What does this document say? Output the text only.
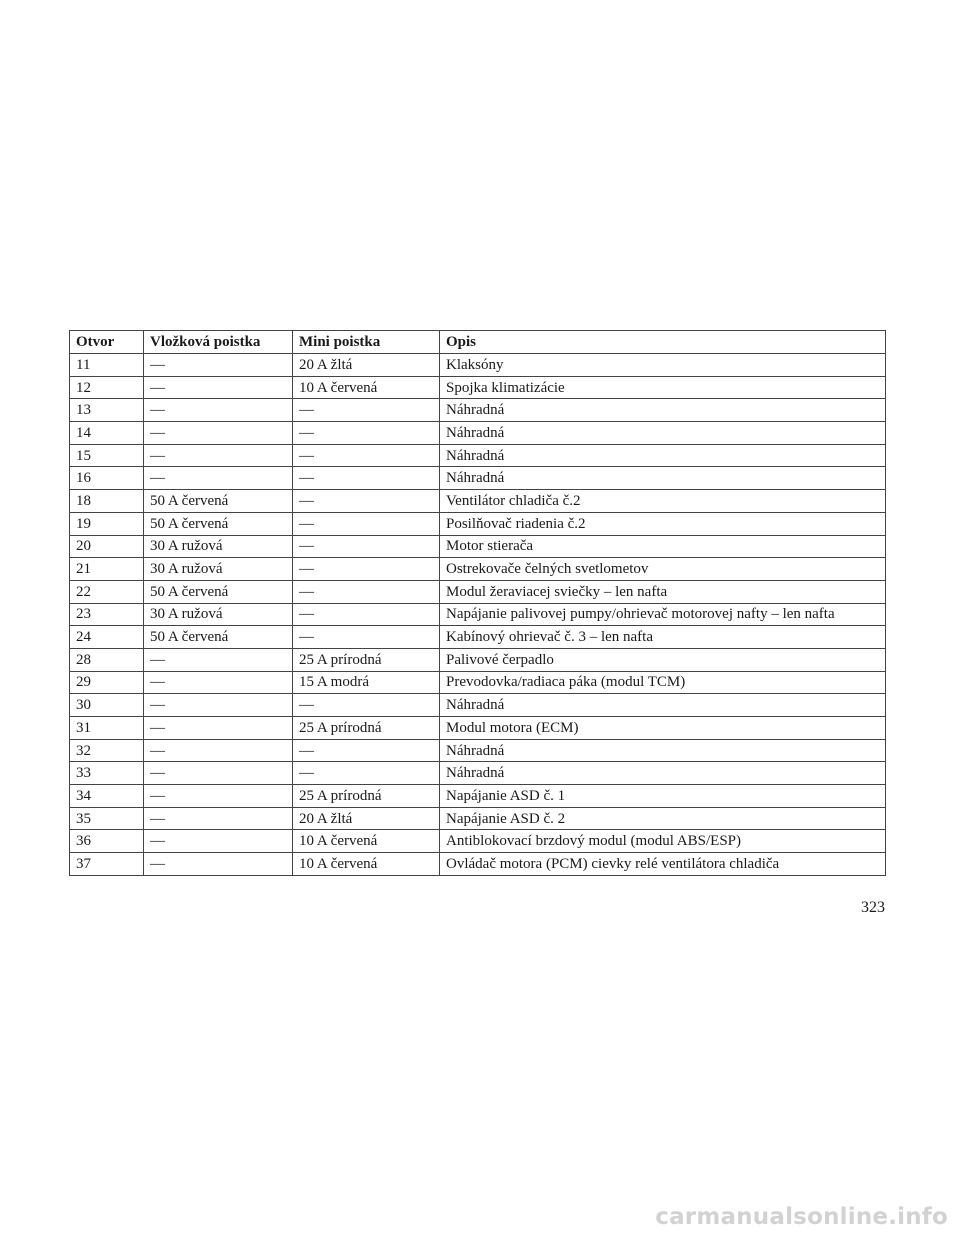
Otvor	Vložková poistka	Mini poistka	Opis
11	—	20 A žltá	Klaksóny
12	—	10 A červená	Spojka klimatizácie
13	—	—	Náhradná
14	—	—	Náhradná
15	—	—	Náhradná
16	—	—	Náhradná
18	50 A červená	—	Ventilátor chladiča č.2
19	50 A červená	—	Posilňovač riadenia č.2
20	30 A ružová	—	Motor stierača
21	30 A ružová	—	Ostrekovače čelných svetlometov
22	50 A červená	—	Modul žeraviacej sviečky – len nafta
23	30 A ružová	—	Napájanie palivovej pumpy/ohrievač motorovej nafty – len nafta
24	50 A červená	—	Kabínový ohrievač č. 3 – len nafta
28	—	25 A prírodná	Palivové čerpadlo
29	—	15 A modrá	Prevodovka/radiaca páka (modul TCM)
30	—	—	Náhradná
31	—	25 A prírodná	Modul motora (ECM)
32	—	—	Náhradná
33	—	—	Náhradná
34	—	25 A prírodná	Napájanie ASD č. 1
35	—	20 A žltá	Napájanie ASD č. 2
36	—	10 A červená	Antiblokovací brzdový modul (modul ABS/ESP)
37	—	10 A červená	Ovládač motora (PCM) cievky relé ventilátora chladiča
323
carmanualsonline.info
